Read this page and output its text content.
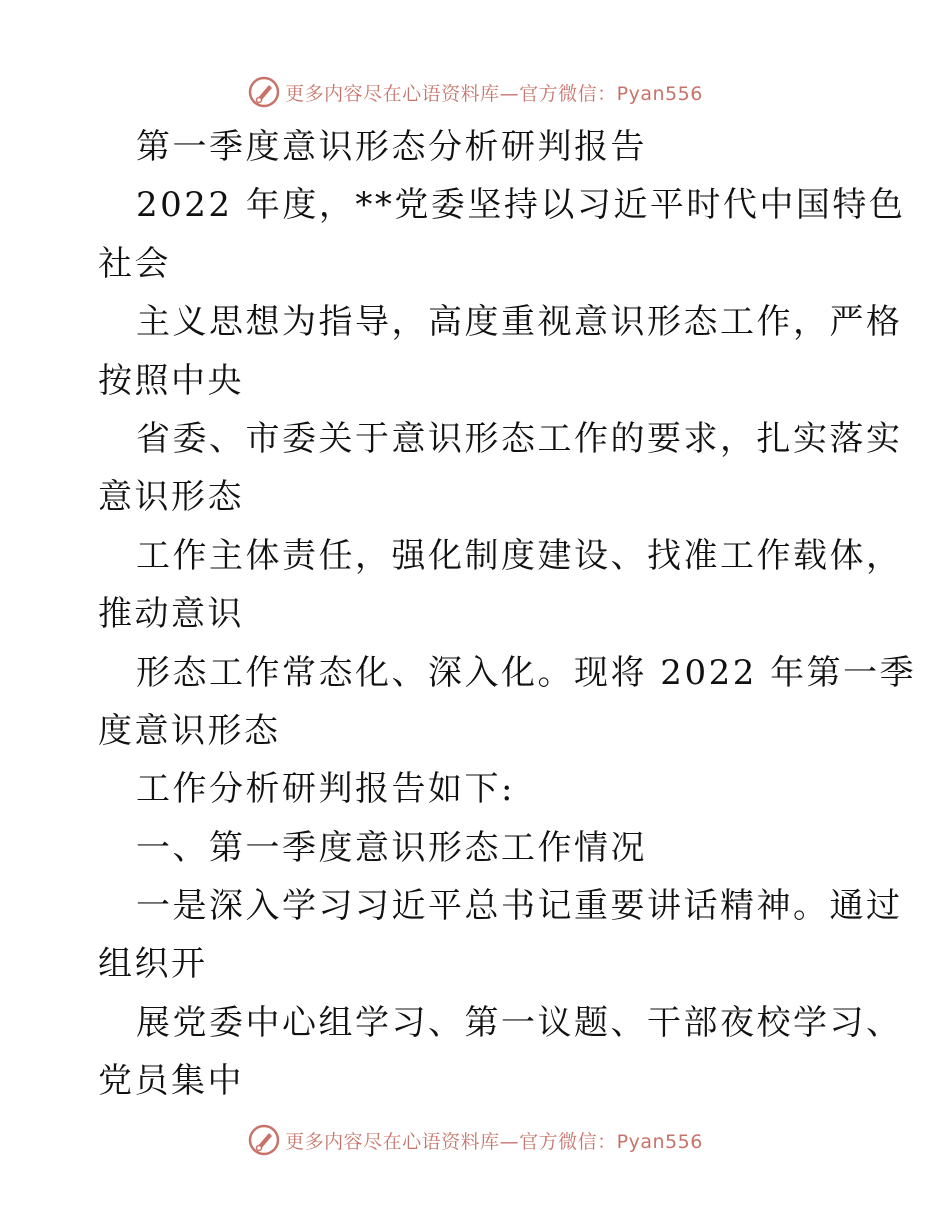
更多内容尽在心语资料库—官方微信：Pyan556
第一季度意识形态分析研判报告
2022 年度，**党委坚持以习近平时代中国特色
社会
主义思想为指导，高度重视意识形态工作，严格
按照中央
省委、市委关于意识形态工作的要求，扎实落实
意识形态
工作主体责任，强化制度建设、找准工作载体，
推动意识
形态工作常态化、深入化。现将 2022 年第一季
度意识形态
工作分析研判报告如下:
一、第一季度意识形态工作情况
一是深入学习习近平总书记重要讲话精神。通过
组织开
展党委中心组学习、第一议题、干部夜校学习、
党员集中
更多内容尽在心语资料库—官方微信：Pyan556
